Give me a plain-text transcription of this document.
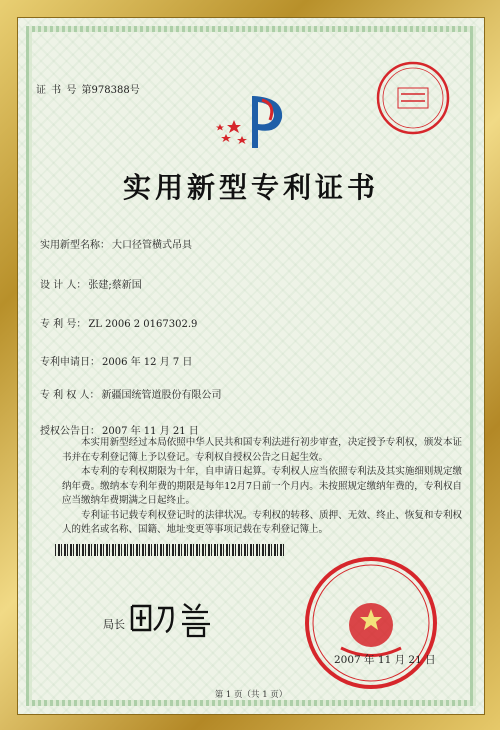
证 书 号 第978388号
实用新型专利证书
实用新型名称： 大口径管横式吊具
设 计 人： 张建;蔡新国
专 利 号： ZL 2006 2 0167302.9
专利申请日： 2006 年 12 月 7 日
专 利 权 人： 新疆国统管道股份有限公司
授权公告日： 2007 年 11 月 21 日

本实用新型经过本局依照中华人民共和国专利法进行初步审查，决定授予专利权，颁发本证书并在专利登记簿上予以登记。专利权自授权公告之日起生效。

本专利的专利权期限为十年，自申请日起算。专利权人应当依照专利法及其实施细则规定缴纳年费。缴纳本专利年费的期限是每年12月7日前一个月内。未按照规定缴纳年费的，专利权自应当缴纳年费期满之日起终止。

专利证书记载专利权登记时的法律状况。专利权的转移、质押、无效、终止、恢复和专利权人的姓名或名称、国籍、地址变更等事项记载在专利登记簿上。

局长
2007 年 11 月 21 日
第 1 页（共 1 页）
